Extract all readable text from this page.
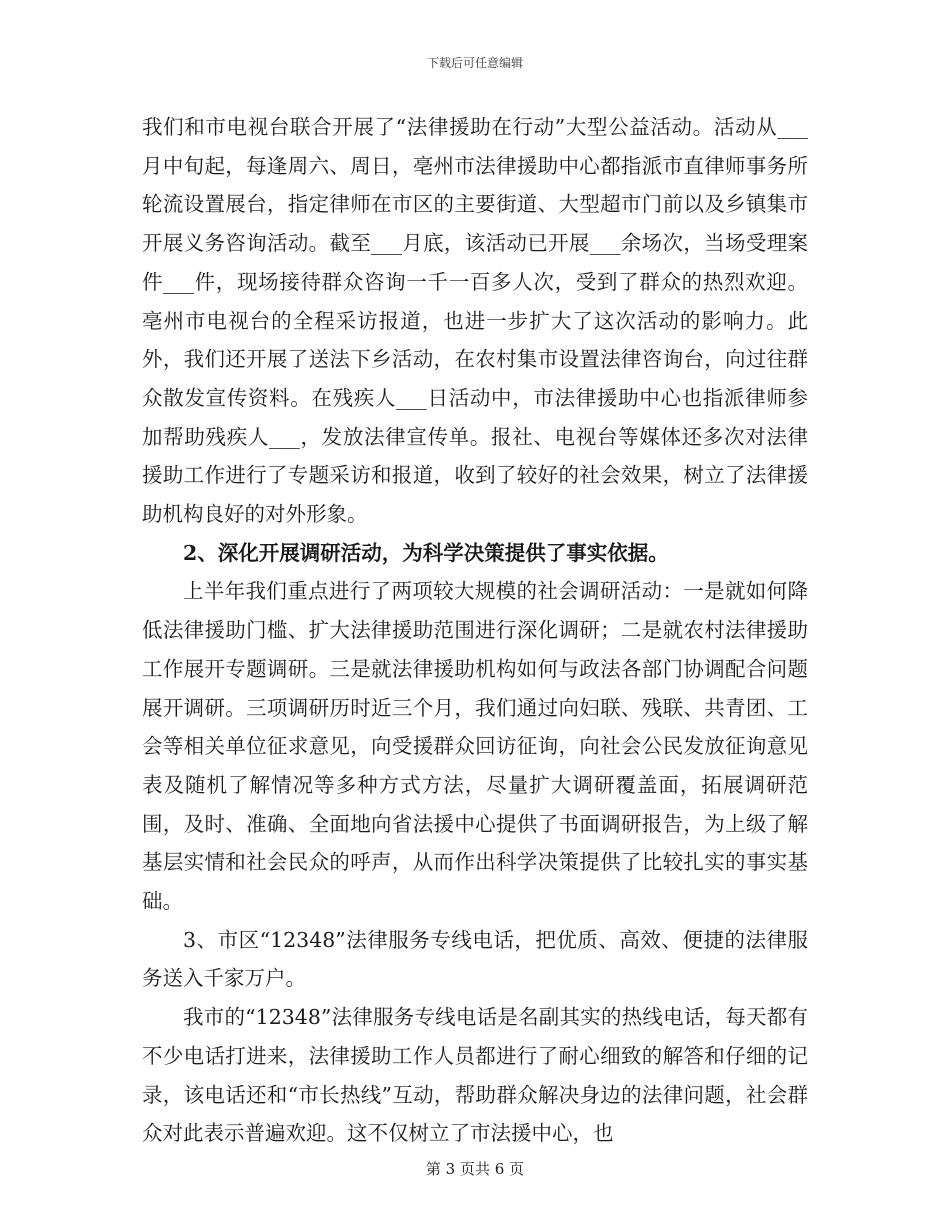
下载后可任意编辑

我们和市电视台联合开展了“法律援助在行动”大型公益活动。活动从___月中旬起，每逢周六、周日，亳州市法律援助中心都指派市直律师事务所轮流设置展台，指定律师在市区的主要街道、大型超市门前以及乡镇集市开展义务咨询活动。截至___月底，该活动已开展___余场次，当场受理案件___件，现场接待群众咨询一千一百多人次，受到了群众的热烈欢迎。亳州市电视台的全程采访报道，也进一步扩大了这次活动的影响力。此外，我们还开展了送法下乡活动，在农村集市设置法律咨询台，向过往群众散发宣传资料。在残疾人___日活动中，市法律援助中心也指派律师参加帮助残疾人___，发放法律宣传单。报社、电视台等媒体还多次对法律援助工作进行了专题采访和报道，收到了较好的社会效果，树立了法律援助机构良好的对外形象。

2、深化开展调研活动，为科学决策提供了事实依据。

上半年我们重点进行了两项较大规模的社会调研活动：一是就如何降低法律援助门槛、扩大法律援助范围进行深化调研；二是就农村法律援助工作展开专题调研。三是就法律援助机构如何与政法各部门协调配合问题展开调研。三项调研历时近三个月，我们通过向妇联、残联、共青团、工会等相关单位征求意见，向受援群众回访征询，向社会公民发放征询意见表及随机了解情况等多种方式方法，尽量扩大调研覆盖面，拓展调研范围，及时、准确、全面地向省法援中心提供了书面调研报告，为上级了解基层实情和社会民众的呼声，从而作出科学决策提供了比较扎实的事实基础。

3、市区“12348”法律服务专线电话，把优质、高效、便捷的法律服务送入千家万户。

我市的“12348”法律服务专线电话是名副其实的热线电话，每天都有不少电话打进来，法律援助工作人员都进行了耐心细致的解答和仔细的记录，该电话还和“市长热线”互动，帮助群众解决身边的法律问题，社会群众对此表示普遍欢迎。这不仅树立了市法援中心，也

第 3 页共 6 页
